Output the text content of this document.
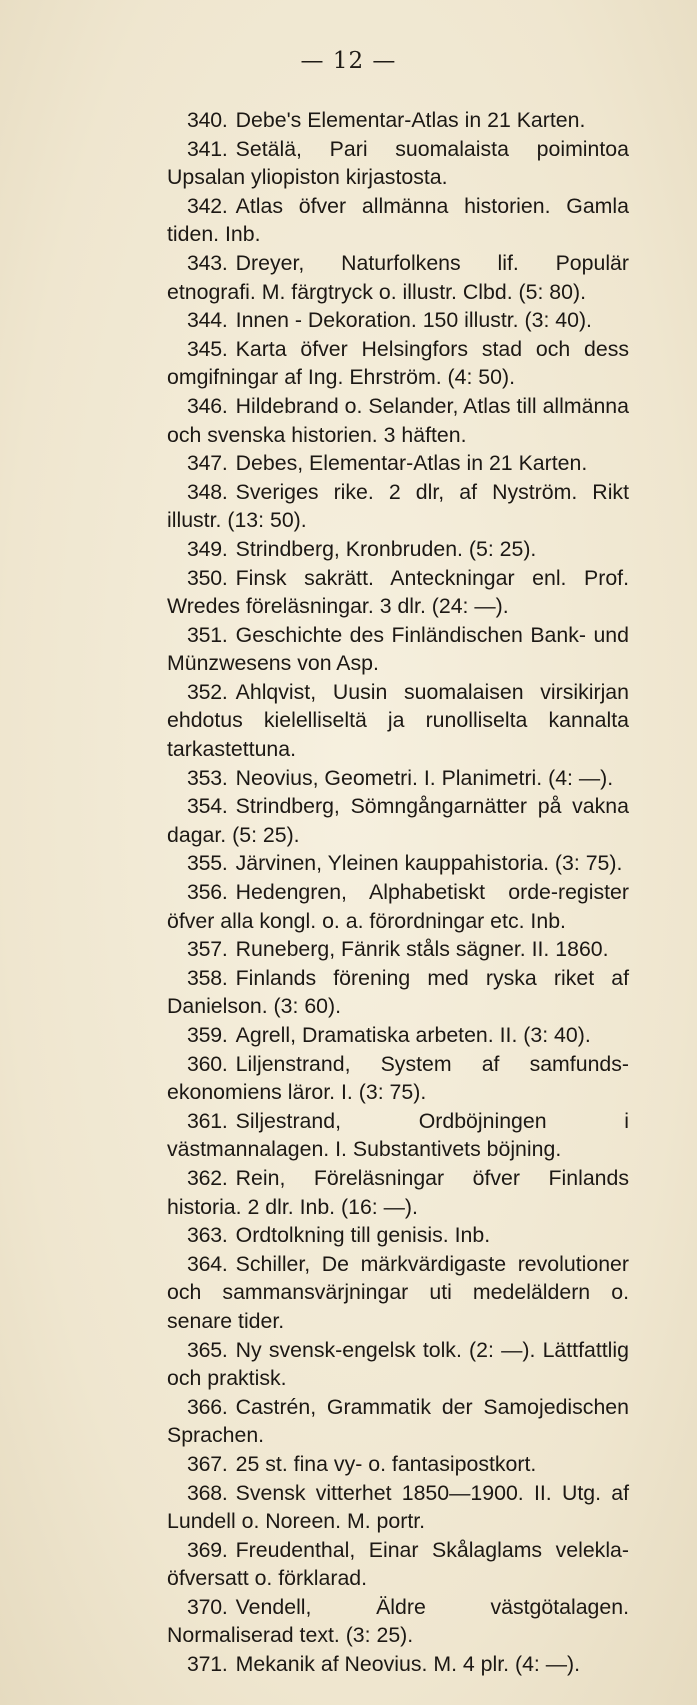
— 12 —

340. Debe's Elementar-Atlas in 21 Karten.

341. Setälä, Pari suomalaista poimintoa Upsalan yliopiston kirjastosta.

342. Atlas öfver allmänna historien. Gamla tiden. Inb.

343. Dreyer, Naturfolkens lif. Populär etnografi. M. färgtryck o. illustr. Clbd. (5: 80).

344. Innen - Dekoration. 150 illustr. (3: 40).

345. Karta öfver Helsingfors stad och dess omgifningar af Ing. Ehrström. (4: 50).

346. Hildebrand o. Selander, Atlas till allmänna och svenska historien. 3 häften.

347. Debes, Elementar-Atlas in 21 Karten.

348. Sveriges rike. 2 dlr, af Nyström. Rikt illustr. (13: 50).

349. Strindberg, Kronbruden. (5: 25).

350. Finsk sakrätt. Anteckningar enl. Prof. Wredes föreläsningar. 3 dlr. (24: —).

351. Geschichte des Finländischen Bank- und Münzwesens von Asp.

352. Ahlqvist, Uusin suomalaisen virsikirjan ehdotus kielelliseltä ja runolliselta kannalta tarkastettuna.

353. Neovius, Geometri. I. Planimetri. (4: —).

354. Strindberg, Sömngångarnätter på vakna dagar. (5: 25).

355. Järvinen, Yleinen kauppahistoria. (3: 75).

356. Hedengren, Alphabetiskt orde-register öfver alla kongl. o. a. förordningar etc. Inb.

357. Runeberg, Fänrik ståls sägner. II. 1860.

358. Finlands förening med ryska riket af Danielson. (3: 60).

359. Agrell, Dramatiska arbeten. II. (3: 40).

360. Liljenstrand, System af samfunds-ekonomiens läror. I. (3: 75).

361. Siljestrand, Ordböjningen i västmannalagen. I. Substantivets böjning.

362. Rein, Föreläsningar öfver Finlands historia. 2 dlr. Inb. (16: —).

363. Ordtolkning till genisis. Inb.

364. Schiller, De märkvärdigaste revolutioner och sammansvärjningar uti medeläldern o. senare tider.

365. Ny svensk-engelsk tolk. (2: —). Lättfattlig och praktisk.

366. Castrén, Grammatik der Samojedischen Sprachen.

367. 25 st. fina vy- o. fantasipostkort.

368. Svensk vitterhet 1850—1900. II. Utg. af Lundell o. Noreen. M. portr.

369. Freudenthal, Einar Skålaglams velekla-öfversatt o. förklarad.

370. Vendell, Äldre västgötalagen. Normaliserad text. (3: 25).

371. Mekanik af Neovius. M. 4 plr. (4: —).
